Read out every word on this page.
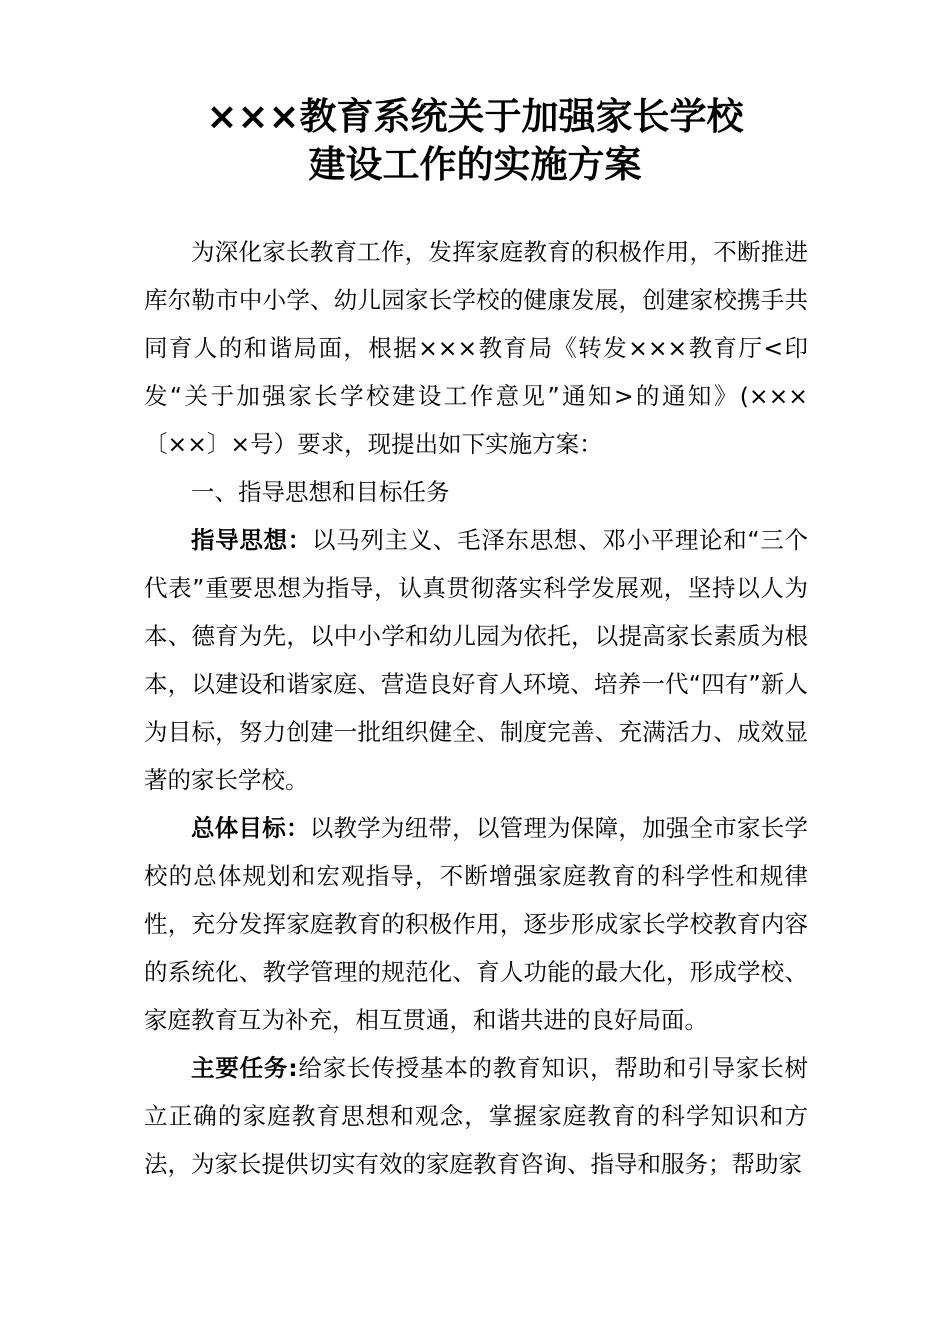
×××教育系统关于加强家长学校
建设工作的实施方案

为深化家长教育工作，发挥家庭教育的积极作用，不断推进库尔勒市中小学、幼儿园家长学校的健康发展，创建家校携手共同育人的和谐局面，根据×××教育局《转发×××教育厅<印发“关于加强家长学校建设工作意见”通知>的通知》(×××〔××〕×号）要求，现提出如下实施方案：

一、指导思想和目标任务

指导思想：以马列主义、毛泽东思想、邓小平理论和“三个代表”重要思想为指导，认真贯彻落实科学发展观，坚持以人为本、德育为先，以中小学和幼儿园为依托，以提高家长素质为根本，以建设和谐家庭、营造良好育人环境、培养一代“四有”新人为目标，努力创建一批组织健全、制度完善、充满活力、成效显著的家长学校。

总体目标：以教学为纽带，以管理为保障，加强全市家长学校的总体规划和宏观指导，不断增强家庭教育的科学性和规律性，充分发挥家庭教育的积极作用，逐步形成家长学校教育内容的系统化、教学管理的规范化、育人功能的最大化，形成学校、家庭教育互为补充，相互贯通，和谐共进的良好局面。

主要任务:给家长传授基本的教育知识，帮助和引导家长树立正确的家庭教育思想和观念，掌握家庭教育的科学知识和方法，为家长提供切实有效的家庭教育咨询、指导和服务；帮助家
